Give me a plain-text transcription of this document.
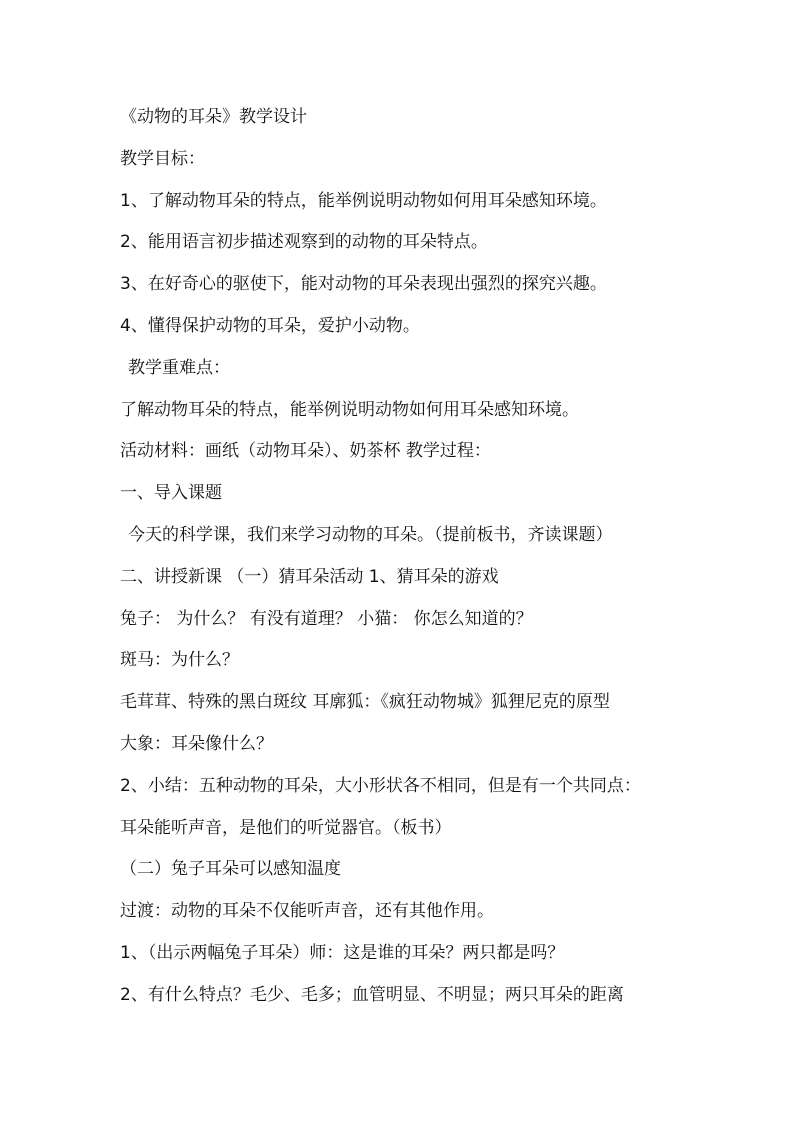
《动物的耳朵》教学设计
教学目标：
1、了解动物耳朵的特点，能举例说明动物如何用耳朵感知环境。
2、能用语言初步描述观察到的动物的耳朵特点。
3、在好奇心的驱使下，能对动物的耳朵表现出强烈的探究兴趣。
4、懂得保护动物的耳朵，爱护小动物。
教学重难点：
了解动物耳朵的特点，能举例说明动物如何用耳朵感知环境。
活动材料：画纸（动物耳朵）、奶茶杯 教学过程：
一、导入课题
今天的科学课，我们来学习动物的耳朵。（提前板书，齐读课题）
二、讲授新课 （一）猜耳朵活动 1、猜耳朵的游戏
兔子： 为什么？ 有没有道理？ 小猫： 你怎么知道的？
斑马：为什么？
毛茸茸、特殊的黑白斑纹 耳廓狐：《疯狂动物城》狐狸尼克的原型
大象：耳朵像什么？
2、小结：五种动物的耳朵，大小形状各不相同，但是有一个共同点：
耳朵能听声音，是他们的听觉器官。（板书）
（二）兔子耳朵可以感知温度
过渡：动物的耳朵不仅能听声音，还有其他作用。
1、（出示两幅兔子耳朵）师：这是谁的耳朵？两只都是吗？
2、有什么特点？毛少、毛多；血管明显、不明显；两只耳朵的距离
